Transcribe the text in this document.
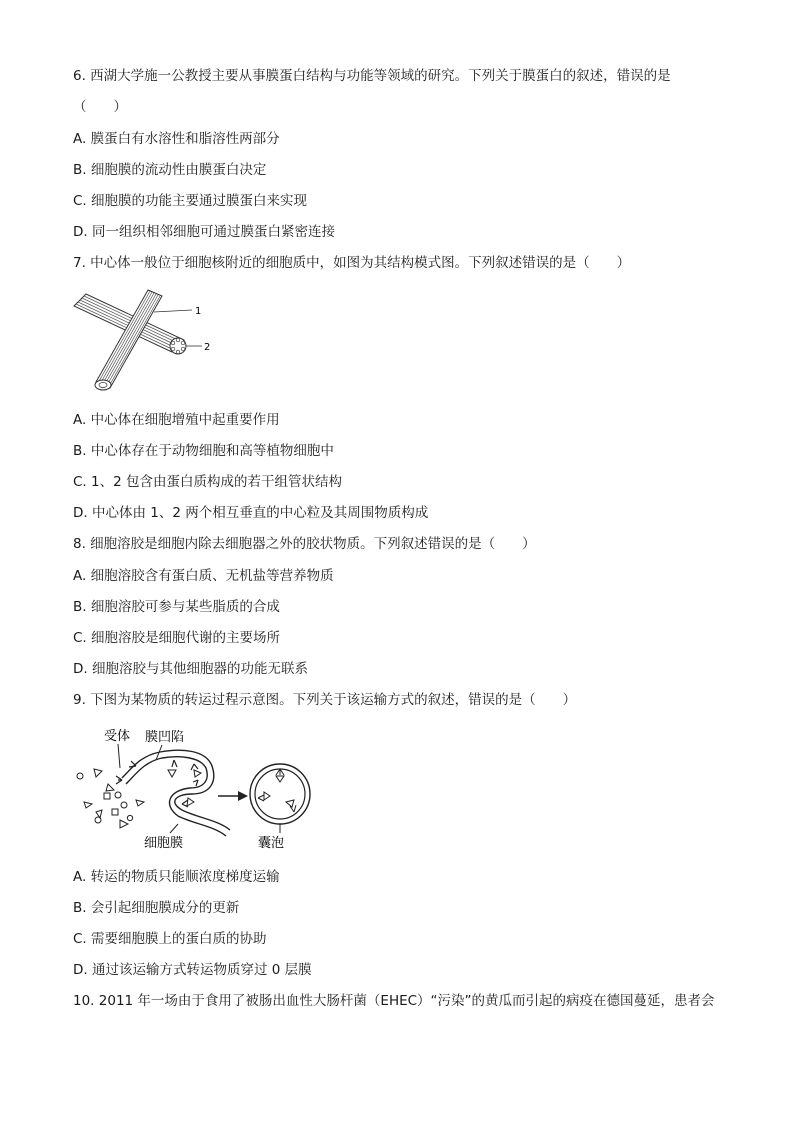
6. 西湖大学施一公教授主要从事膜蛋白结构与功能等领域的研究。下列关于膜蛋白的叙述，错误的是
（　　）
A. 膜蛋白有水溶性和脂溶性两部分
B. 细胞膜的流动性由膜蛋白决定
C. 细胞膜的功能主要通过膜蛋白来实现
D. 同一组织相邻细胞可通过膜蛋白紧密连接
7. 中心体一般位于细胞核附近的细胞质中，如图为其结构模式图。下列叙述错误的是（　　）
1
2
A. 中心体在细胞增殖中起重要作用
B. 中心体存在于动物细胞和高等植物细胞中
C. 1、2 包含由蛋白质构成的若干组管状结构
D. 中心体由 1、2 两个相互垂直的中心粒及其周围物质构成
8. 细胞溶胶是细胞内除去细胞器之外的胶状物质。下列叙述错误的是（　　）
A. 细胞溶胶含有蛋白质、无机盐等营养物质
B. 细胞溶胶可参与某些脂质的合成
C. 细胞溶胶是细胞代谢的主要场所
D. 细胞溶胶与其他细胞器的功能无联系
9. 下图为某物质的转运过程示意图。下列关于该运输方式的叙述，错误的是（　　）
受体 膜凹陷
细胞膜	囊泡
A. 转运的物质只能顺浓度梯度运输
B. 会引起细胞膜成分的更新
C. 需要细胞膜上的蛋白质的协助
D. 通过该运输方式转运物质穿过 0 层膜
10. 2011 年一场由于食用了被肠出血性大肠杆菌（EHEC）“污染”的黄瓜而引起的病疫在德国蔓延，患者会
